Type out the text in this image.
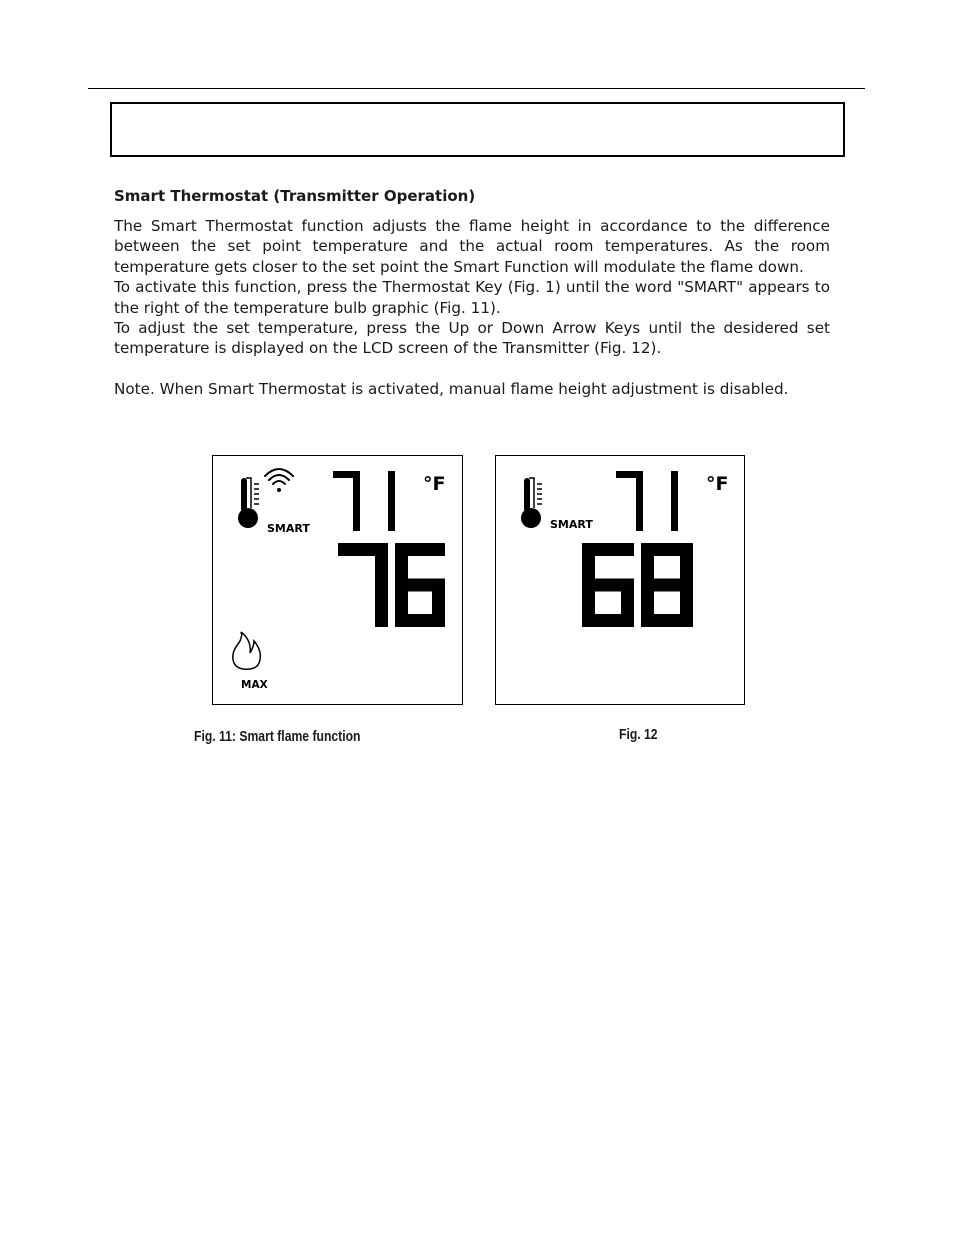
Smart Thermostat (Transmitter Operation)

The Smart Thermostat function adjusts the flame height in accordance to the difference between the set point temperature and the actual room temperatures. As the room temperature gets closer to the set point the Smart Function will modulate the flame down.

To activate this function, press the Thermostat Key (Fig. 1) until the word "SMART" appears to the right of the temperature bulb graphic (Fig. 11).

To adjust the set temperature, press the Up or Down Arrow Keys until the desidered set temperature is displayed on the LCD screen of the Transmitter (Fig. 12).

Note. When Smart Thermostat is activated, manual flame height adjustment is disabled.

SMART
°F
MAX
SMART
°F
Fig. 11: Smart flame function	Fig. 12
